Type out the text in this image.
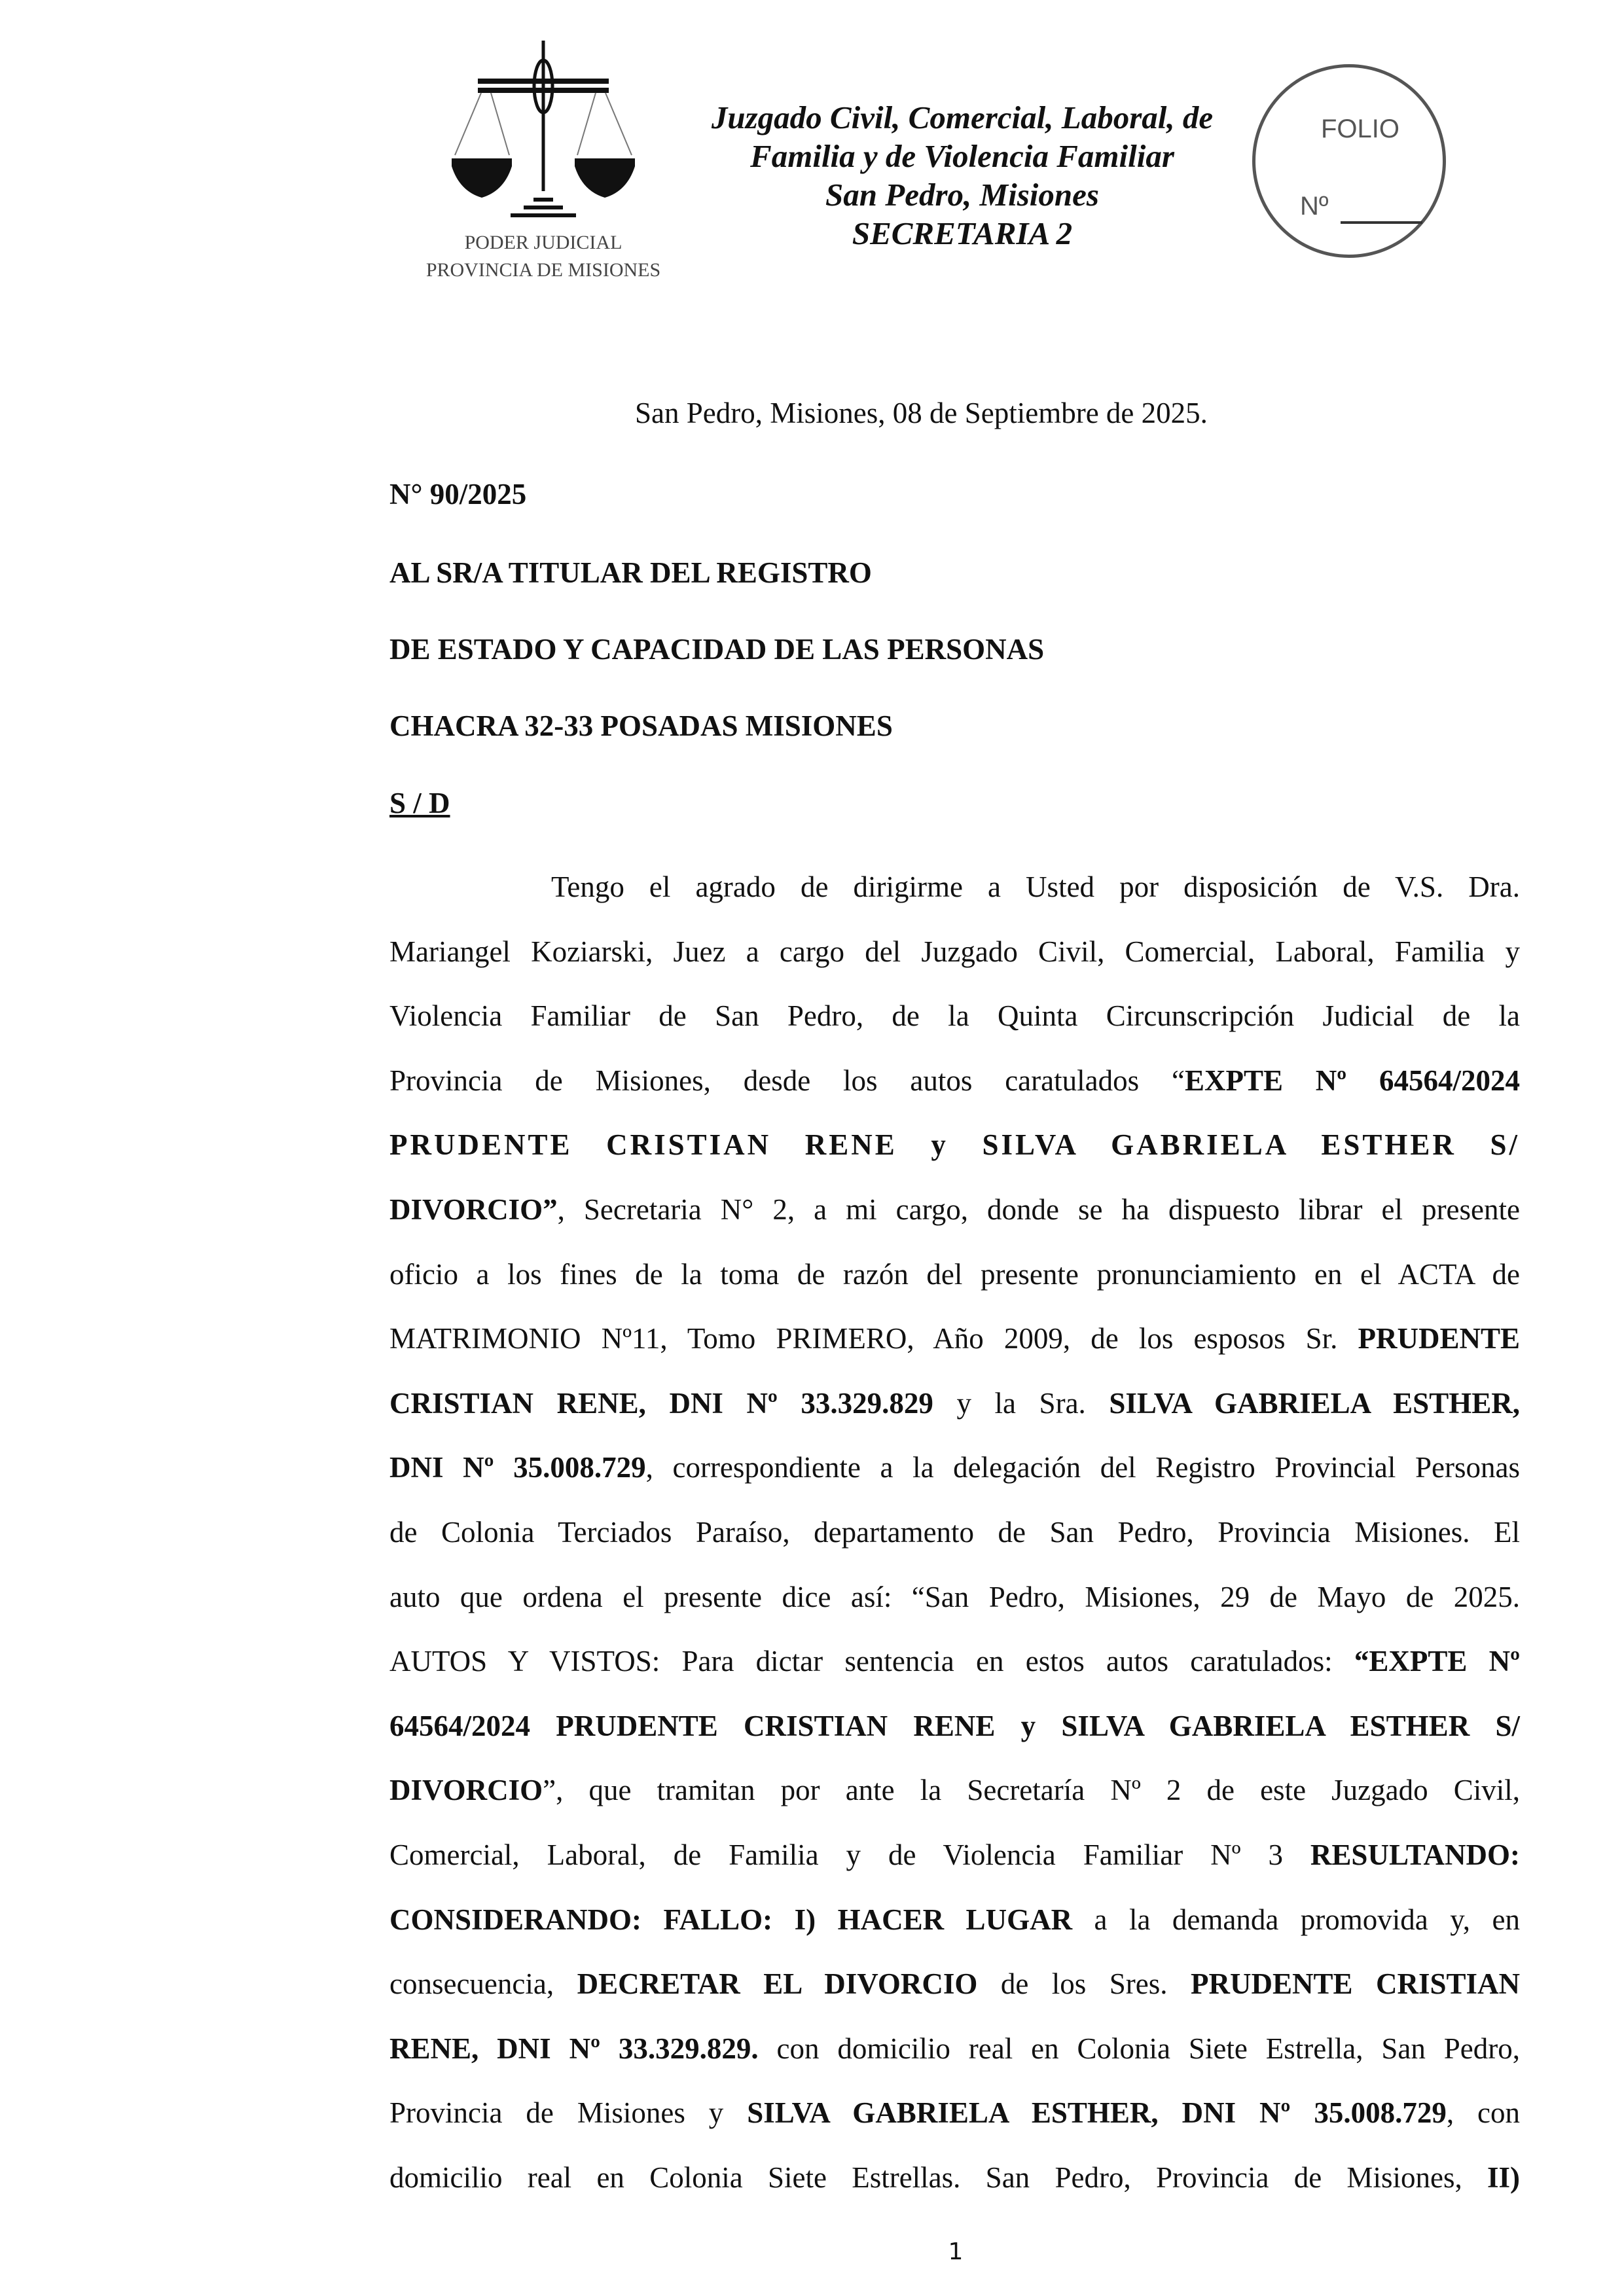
PODER JUDICIAL
PROVINCIA DE MISIONES
Juzgado Civil, Comercial, Laboral, de
Familia y de Violencia Familiar
San Pedro, Misiones
SECRETARIA 2
FOLIO
Nº
San Pedro, Misiones, 08 de Septiembre de 2025.
N° 90/2025
AL SR/A TITULAR DEL REGISTRO
DE ESTADO Y CAPACIDAD DE LAS PERSONAS
CHACRA 32-33 POSADAS MISIONES
S / D
Tengo el agrado de dirigirme a Usted por disposición de V.S. Dra.
Mariangel Koziarski, Juez a cargo del Juzgado Civil, Comercial, Laboral, Familia y
Violencia Familiar de San Pedro, de la Quinta Circunscripción Judicial de la
Provincia de Misiones, desde los autos caratulados “EXPTE Nº 64564/2024
PRUDENTE CRISTIAN RENE y SILVA GABRIELA ESTHER S/
DIVORCIO”, Secretaria N° 2, a mi cargo, donde se ha dispuesto librar el presente
oficio a los fines de la toma de razón del presente pronunciamiento en el ACTA de
MATRIMONIO Nº11, Tomo PRIMERO, Año 2009, de los esposos Sr. PRUDENTE
CRISTIAN RENE, DNI Nº 33.329.829 y la Sra. SILVA GABRIELA ESTHER,
DNI Nº 35.008.729, correspondiente a la delegación del Registro Provincial Personas
de Colonia Terciados Paraíso, departamento de San Pedro, Provincia Misiones. El
auto que ordena el presente dice así: “San Pedro, Misiones, 29 de Mayo de 2025.
AUTOS Y VISTOS: Para dictar sentencia en estos autos caratulados: “EXPTE Nº
64564/2024 PRUDENTE CRISTIAN RENE y SILVA GABRIELA ESTHER S/
DIVORCIO”, que tramitan por ante la Secretaría Nº 2 de este Juzgado Civil,
Comercial, Laboral, de Familia y de Violencia Familiar Nº 3 RESULTANDO:
CONSIDERANDO: FALLO: I) HACER LUGAR a la demanda promovida y, en
consecuencia, DECRETAR EL DIVORCIO de los Sres. PRUDENTE CRISTIAN
RENE, DNI Nº 33.329.829. con domicilio real en Colonia Siete Estrella, San Pedro,
Provincia de Misiones y SILVA GABRIELA ESTHER, DNI Nº 35.008.729, con
domicilio real en Colonia Siete Estrellas. San Pedro, Provincia de Misiones, II)
1
